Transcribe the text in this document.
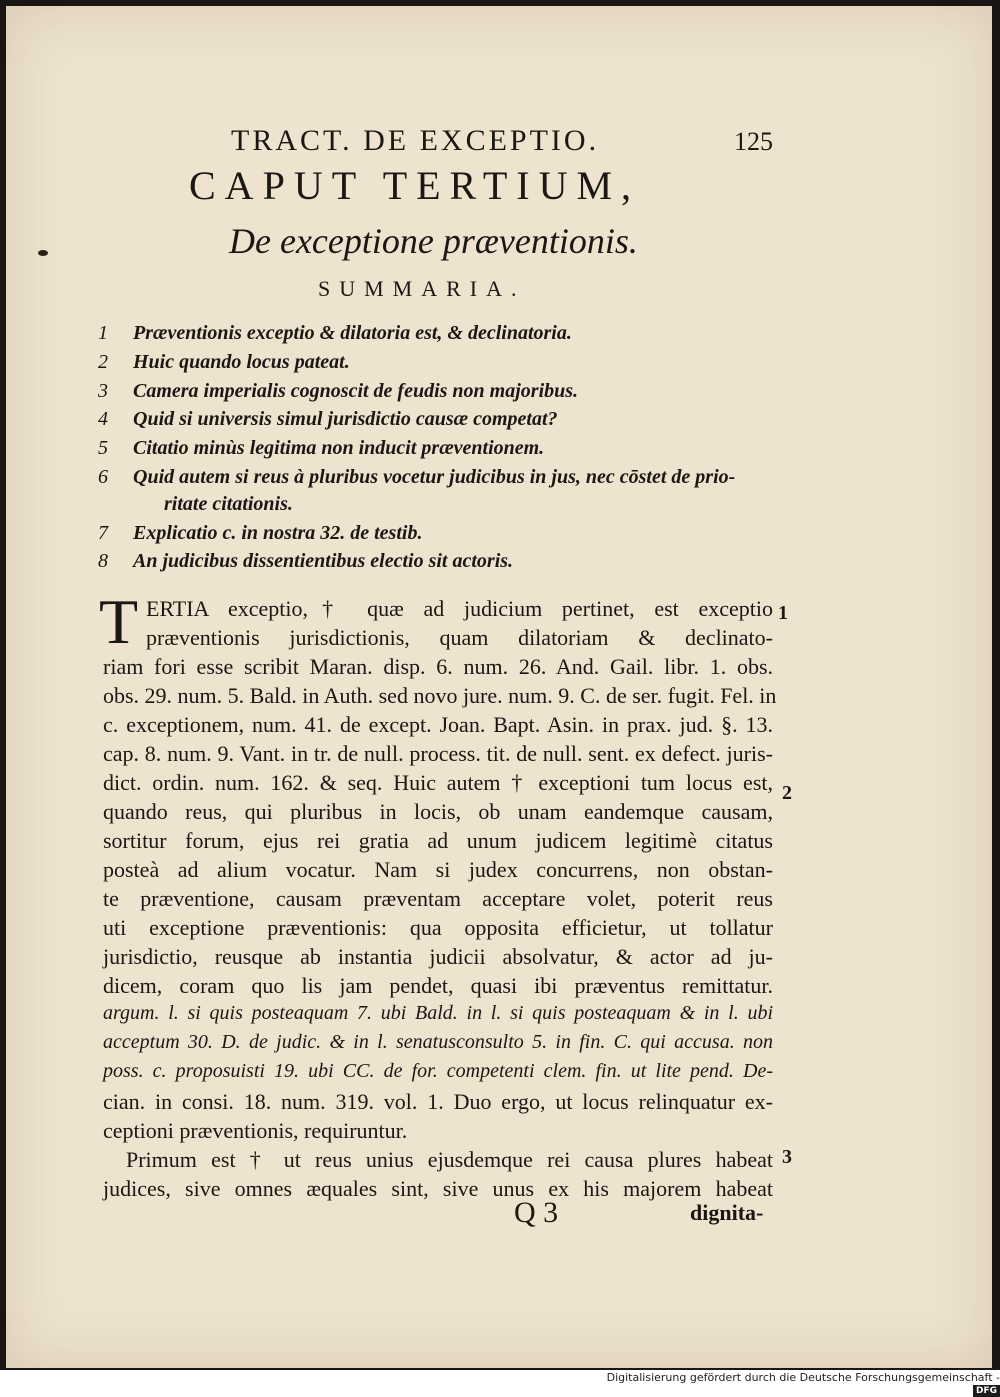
TRACT. DE EXCEPTIO.	125
CAPUT TERTIUM,
De exceptione præventionis.
SUMMARIA.
1 Præventionis exceptio & dilatoria est, & declinatoria.
2 Huic quando locus pateat.
3 Camera imperialis cognoscit de feudis non majoribus.
4 Quid si universis simul jurisdictio causæ competat?
5 Citatio minùs legitima non inducit præventionem.
6 Quid autem si reus à pluribus vocetur judicibus in jus, nec cōstet de prio-
ritate citationis.
7 Explicatio c. in nostra 32. de testib.
8 An judicibus dissentientibus electio sit actoris.
T ERTIA exceptio,† quæ ad judicium pertinet, est exceptio
præventionis jurisdictionis, quam dilatoriam & declinato-
riam fori esse scribit Maran. disp. 6. num. 26. And. Gail. libr. 1. obs.
obs. 29. num. 5. Bald. in Auth. sed novo jure. num. 9. C. de ser. fugit. Fel. in
c. exceptionem, num. 41. de except. Joan. Bapt. Asin. in prax. jud. §. 13.
cap. 8. num. 9. Vant. in tr. de null. process. tit. de null. sent. ex defect. juris-
dict. ordin. num. 162. & seq. Huic autem † exceptioni tum locus est,
quando reus, qui pluribus in locis, ob unam eandemque causam,
sortitur forum, ejus rei gratia ad unum judicem legitimè citatus
posteà ad alium vocatur. Nam si judex concurrens, non obstan-
te præventione, causam præventam acceptare volet, poterit reus
uti exceptione præventionis: qua opposita efficietur, ut tollatur
jurisdictio, reusque ab instantia judicii absolvatur, & actor ad ju-
dicem, coram quo lis jam pendet, quasi ibi præventus remittatur.
argum. l. si quis posteaquam 7. ubi Bald. in l. si quis posteaquam & in l. ubi
acceptum 30. D. de judic. & in l. senatusconsulto 5. in fin. C. qui accusa. non
poss. c. proposuisti 19. ubi CC. de for. competenti clem. fin. ut lite pend. De-
cian. in consi. 18. num. 319. vol. 1. Duo ergo, ut locus relinquatur ex-
ceptioni præventionis, requiruntur.
Primum est † ut reus unius ejusdemque rei causa plures habeat
judices, sive omnes æquales sint, sive unus ex his majorem habeat
1
2
3
Q 3	dignita-
Digitalisierung gefördert durch die Deutsche Forschungsgemeinschaft -DFG
